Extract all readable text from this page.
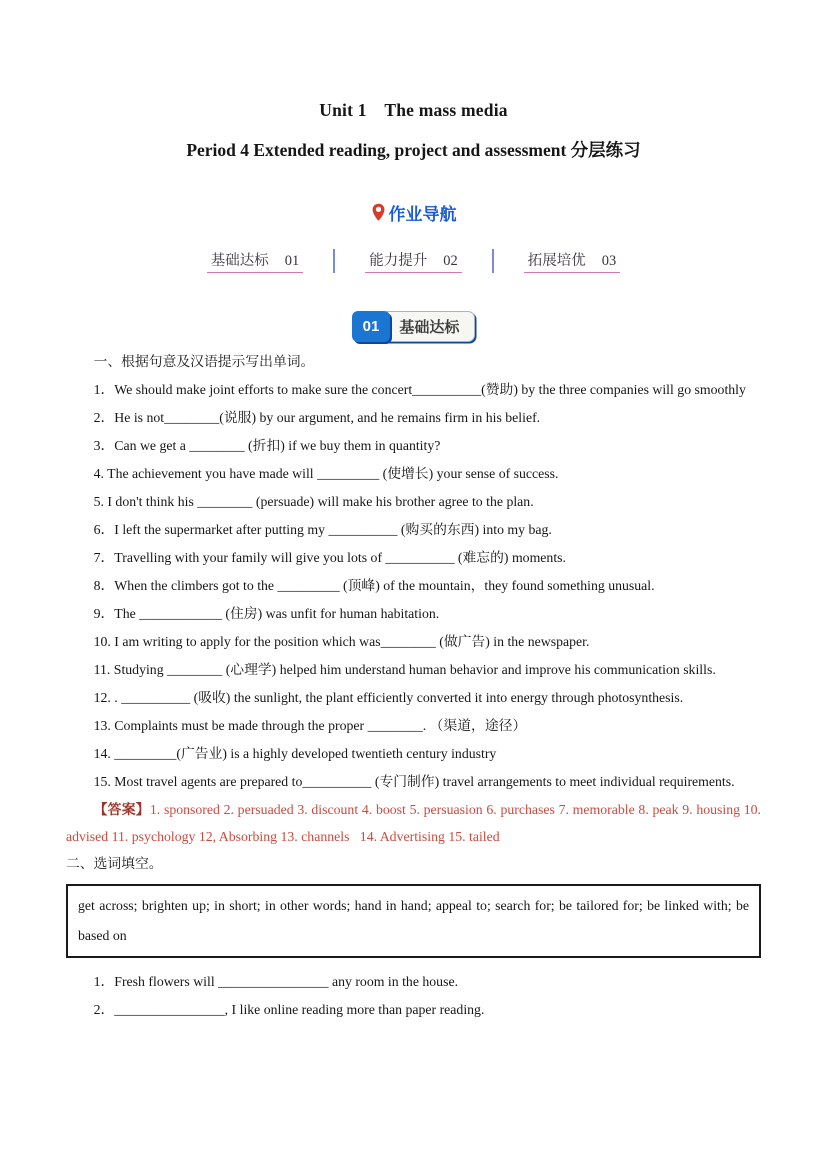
Unit 1　The mass media
Period 4 Extended reading, project and assessment 分层练习
作业导航
基础达标 01	能力提升 02	拓展培优 03
01	基础达标

一、根据句意及汉语提示写出单词。

1．We should make joint efforts to make sure the concert__________(赞助) by the three companies will go smoothly

2．He is not________(说服) by our argument, and he remains firm in his belief.

3．Can we get a ________ (折扣) if we buy them in quantity?

4. The achievement you have made will _________ (使增长) your sense of success.

5. I don't think his ________ (persuade) will make his brother agree to the plan.

6．I left the supermarket after putting my __________ (购买的东西) into my bag.

7．Travelling with your family will give you lots of __________ (难忘的) moments.

8．When the climbers got to the _________ (顶峰) of the mountain，they found something unusual.

9．The ____________ (住房) was unfit for human habitation.

10. I am writing to apply for the position which was________ (做广告) in the newspaper.

11. Studying ________ (心理学) helped him understand human behavior and improve his communication skills.

12. . __________ (吸收) the sunlight, the plant efficiently converted it into energy through photosynthesis.

13. Complaints must be made through the proper ________. （渠道，途径）

14. _________(广告业) is a highly developed twentieth century industry

15. Most travel agents are prepared to__________ (专门制作) travel arrangements to meet individual requirements.

【答案】1. sponsored 2. persuaded 3. discount 4. boost 5. persuasion 6. purchases 7. memorable 8. peak 9. housing 10. advised 11. psychology 12, Absorbing 13. channels   14. Advertising 15. tailed

二、选词填空。

get across; brighten up; in short; in other words; hand in hand; appeal to; search for; be tailored for; be linked with; be based on

1．Fresh flowers will ________________ any room in the house.

2．________________, I like online reading more than paper reading.
